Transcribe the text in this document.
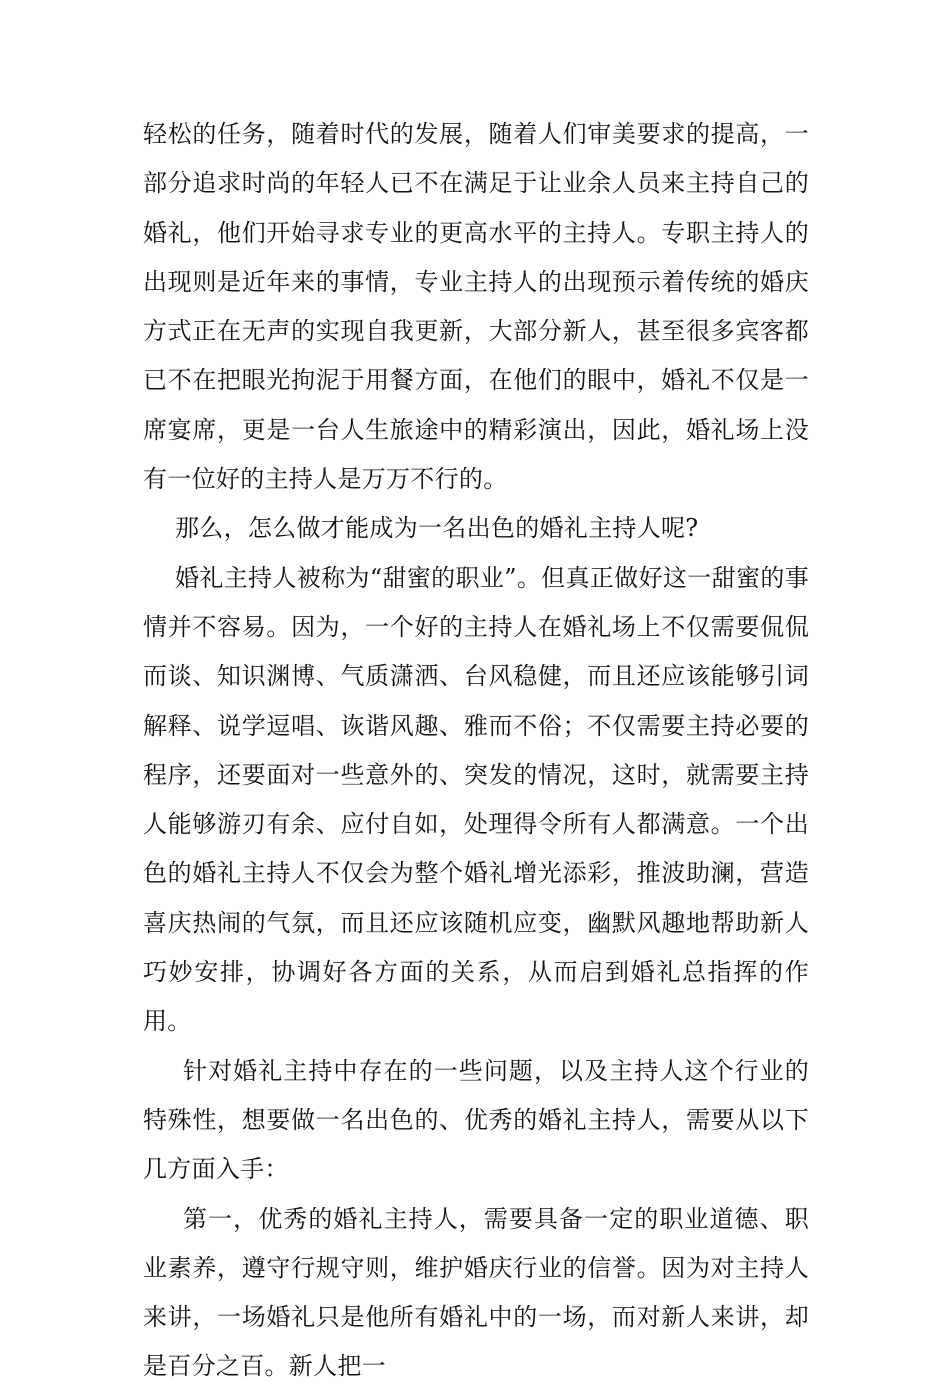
轻松的任务，随着时代的发展，随着人们审美要求的提高，一部分追求时尚的年轻人已不在满足于让业余人员来主持自己的婚礼，他们开始寻求专业的更高水平的主持人。专职主持人的出现则是近年来的事情，专业主持人的出现预示着传统的婚庆方式正在无声的实现自我更新，大部分新人，甚至很多宾客都已不在把眼光拘泥于用餐方面，在他们的眼中，婚礼不仅是一席宴席，更是一台人生旅途中的精彩演出，因此，婚礼场上没有一位好的主持人是万万不行的。

那么，怎么做才能成为一名出色的婚礼主持人呢?

婚礼主持人被称为“甜蜜的职业”。但真正做好这一甜蜜的事情并不容易。因为，一个好的主持人在婚礼场上不仅需要侃侃而谈、知识渊博、气质潇洒、台风稳健，而且还应该能够引词解释、说学逗唱、诙谐风趣、雅而不俗；不仅需要主持必要的程序，还要面对一些意外的、突发的情况，这时，就需要主持人能够游刃有余、应付自如，处理得令所有人都满意。一个出色的婚礼主持人不仅会为整个婚礼增光添彩，推波助澜，营造喜庆热闹的气氛，而且还应该随机应变，幽默风趣地帮助新人巧妙安排，协调好各方面的关系，从而启到婚礼总指挥的作用。

针对婚礼主持中存在的一些问题，以及主持人这个行业的特殊性，想要做一名出色的、优秀的婚礼主持人，需要从以下几方面入手：

第一，优秀的婚礼主持人，需要具备一定的职业道德、职业素养，遵守行规守则，维护婚庆行业的信誉。因为对主持人来讲，一场婚礼只是他所有婚礼中的一场，而对新人来讲，却是百分之百。新人把一
